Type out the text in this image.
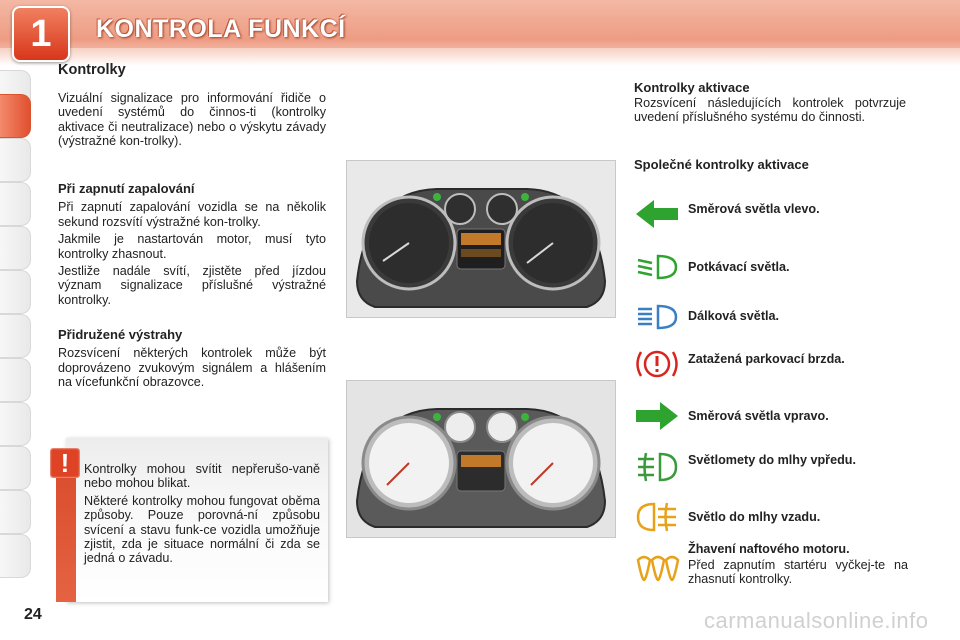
1	KONTROLA FUNKCÍ
Kontrolky

Vizuální signalizace pro informování řidiče o uvedení systémů do činnos-ti (kontrolky aktivace či neutralizace) nebo o výskytu závady (výstražné kon-trolky).

Při zapnutí zapalování

Při zapnutí zapalování vozidla se na několik sekund rozsvítí výstražné kon-trolky.

Jakmile je nastartován motor, musí tyto kontrolky zhasnout.

Jestliže nadále svítí, zjistěte před jízdou význam signalizace příslušné výstražné kontrolky.

Přidružené výstrahy

Rozsvícení některých kontrolek může být doprovázeno zvukovým signálem a hlášením na vícefunkční obrazovce.

!	Kontrolky mohou svítit nepřerušo-vaně nebo mohou blikat.

Některé kontrolky mohou fungovat oběma způsoby. Pouze porovná-ní způsobu svícení a stavu funk-ce vozidla umožňuje zjistit, zda je situace normální či zda se jedná o závadu.

Kontrolky aktivace
Rozsvícení následujících kontrolek potvrzuje uvedení příslušného systému do činnosti.
Společné kontrolky aktivace
Směrová světla vlevo.
Potkávací světla.
Dálková světla.
Zatažená parkovací brzda.
Směrová světla vpravo.
Světlomety do mlhy vpředu.
Světlo do mlhy vzadu.
Žhavení naftového motoru.
Před zapnutím startéru vyčkej-te na zhasnutí kontrolky.
24	carmanualsonline.info
